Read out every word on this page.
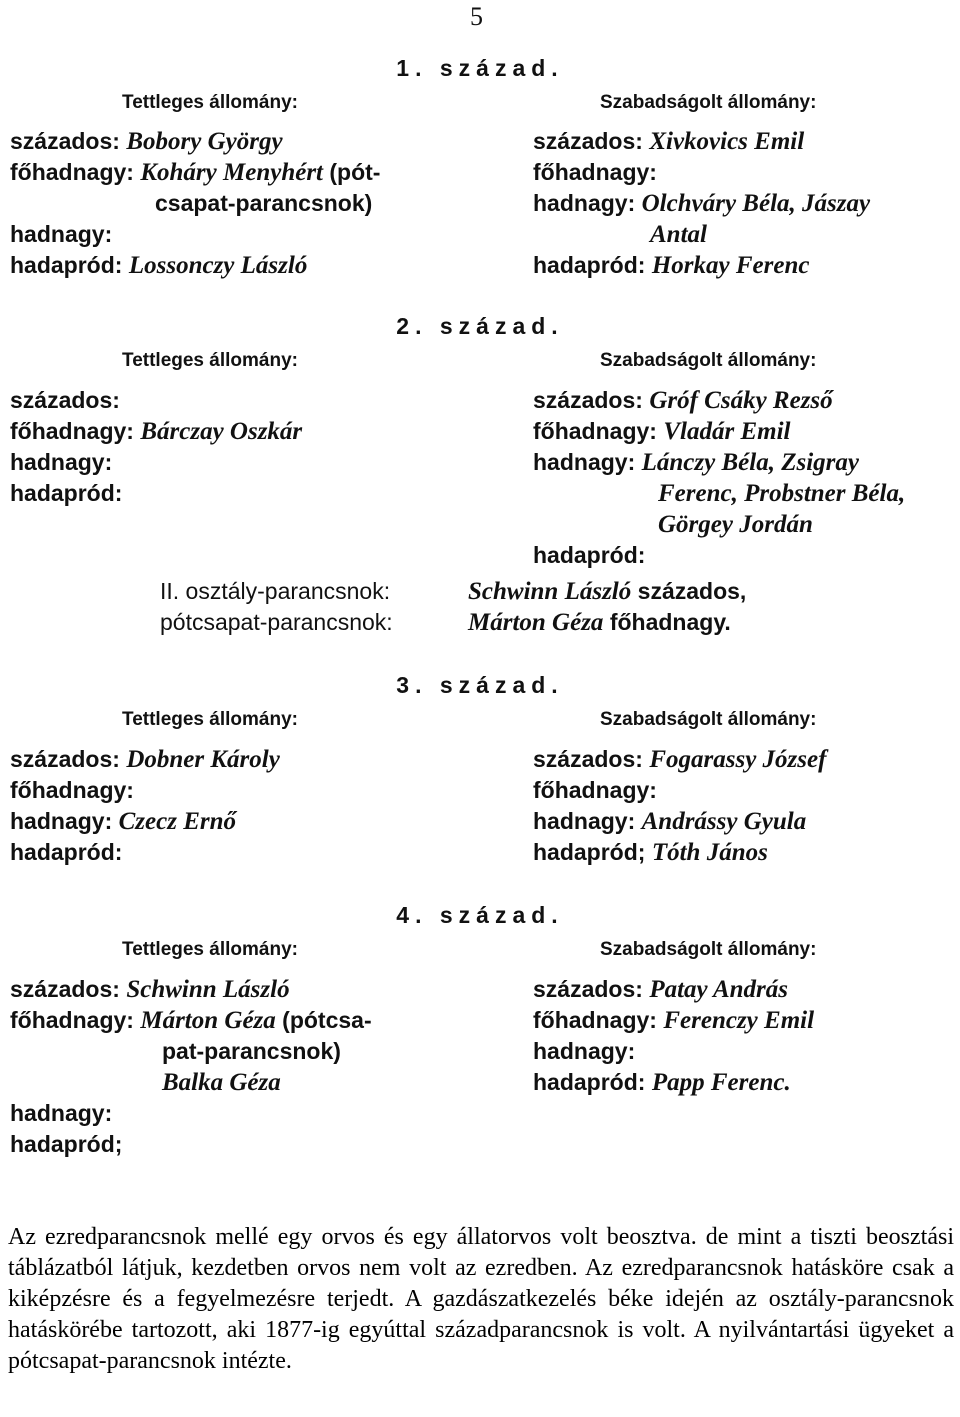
5
1. század.
Tettleges állomány:	Szabadságolt állomány:
százados: Bobory György
főhadnagy: Koháry Menyhért (pót-
csapat-parancsnok)
hadnagy:
hadapród: Lossonczy László
százados: Xivkovics Emil
főhadnagy:
hadnagy: Olchváry Béla, Jászay
Antal
hadapród: Horkay Ferenc
2. század.
Tettleges állomány:	Szabadságolt állomány:
százados:
főhadnagy: Bárczay Oszkár
hadnagy:
hadapród:
százados: Gróf Csáky Rezső
főhadnagy: Vladár Emil
hadnagy: Lánczy Béla, Zsigray
Ferenc, Probstner Béla,
Görgey Jordán
hadapród:
II. osztály-parancsnok:	Schwinn László százados,
pótcsapat-parancsnok:	Márton Géza főhadnagy.
3. század.
Tettleges állomány:	Szabadságolt állomány:
százados: Dobner Károly
főhadnagy:
hadnagy: Czecz Ernő
hadapród:
százados: Fogarassy József
főhadnagy:
hadnagy: Andrássy Gyula
hadapród; Tóth János
4. század.
Tettleges állomány:	Szabadságolt állomány:
százados: Schwinn László
főhadnagy: Márton Géza (pótcsa-
pat-parancsnok)
Balka Géza
hadnagy:
hadapród;
százados: Patay András
főhadnagy: Ferenczy Emil
hadnagy:
hadapród: Papp Ferenc.

Az ezredparancsnok mellé egy orvos és egy állatorvos volt beosztva. de mint a tiszti beosztási táblázatból látjuk, kezdetben orvos nem volt az ezredben. Az ezredparancsnok hatásköre csak a kiképzésre és a fegyelmezésre terjedt. A gazdászatkezelés béke idején az osztály-parancsnok hatáskörébe tartozott, aki 1877-ig egyúttal századparancsnok is volt. A nyilvántartási ügyeket a pótcsapat-parancsnok intézte.
